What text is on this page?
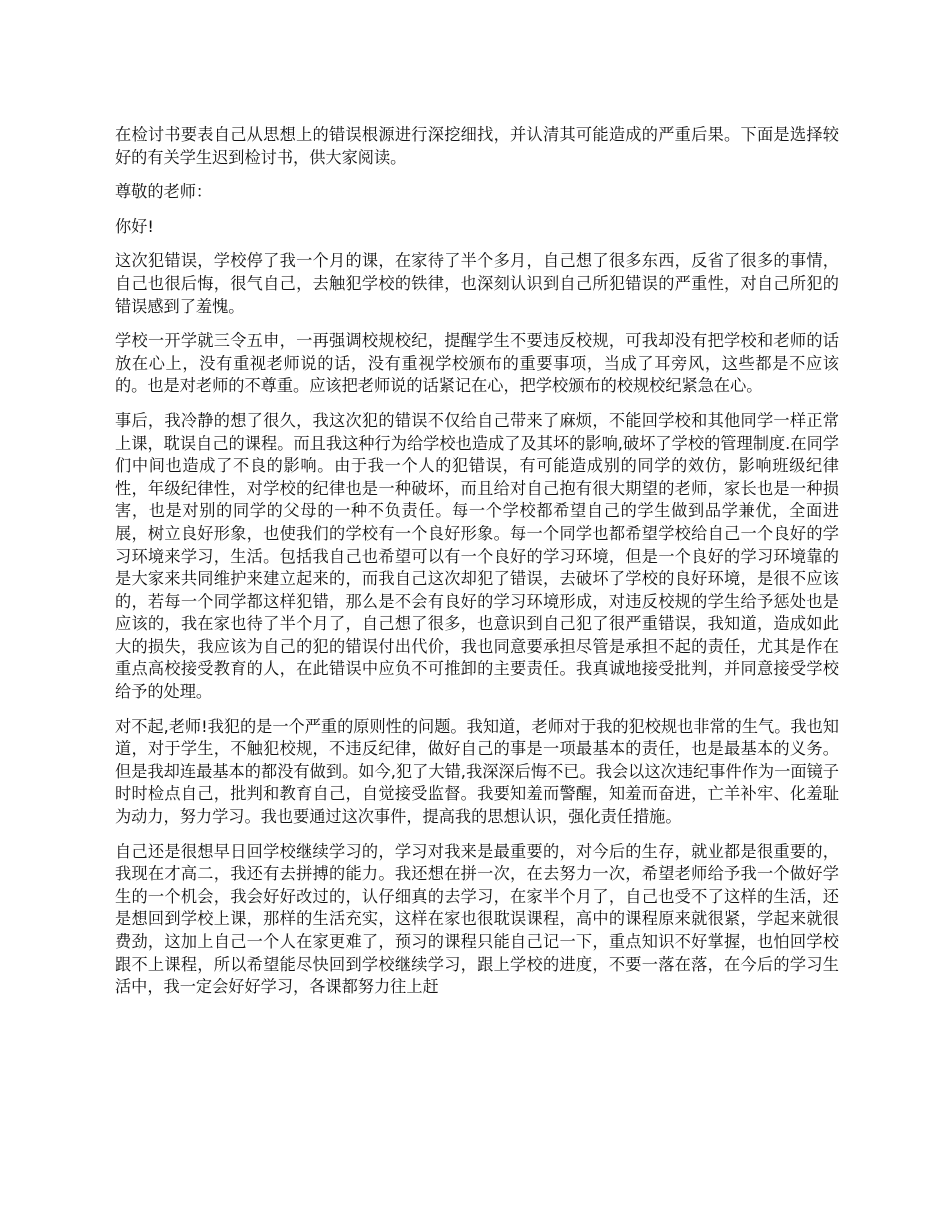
在检讨书要表自己从思想上的错误根源进行深挖细找，并认清其可能造成的严重后果。下面是选择较好的有关学生迟到检讨书，供大家阅读。

尊敬的老师：

你好!

这次犯错误，学校停了我一个月的课，在家待了半个多月，自己想了很多东西，反省了很多的事情，自己也很后悔，很气自己，去触犯学校的铁律，也深刻认识到自己所犯错误的严重性，对自己所犯的错误感到了羞愧。

学校一开学就三令五申，一再强调校规校纪，提醒学生不要违反校规，可我却没有把学校和老师的话放在心上，没有重视老师说的话，没有重视学校颁布的重要事项，当成了耳旁风，这些都是不应该的。也是对老师的不尊重。应该把老师说的话紧记在心，把学校颁布的校规校纪紧急在心。

事后，我冷静的想了很久，我这次犯的错误不仅给自己带来了麻烦，不能回学校和其他同学一样正常上课，耽误自己的课程。而且我这种行为给学校也造成了及其坏的影响,破坏了学校的管理制度.在同学们中间也造成了不良的影响。由于我一个人的犯错误，有可能造成别的同学的效仿，影响班级纪律性，年级纪律性，对学校的纪律也是一种破坏，而且给对自己抱有很大期望的老师，家长也是一种损害，也是对别的同学的父母的一种不负责任。每一个学校都希望自己的学生做到品学兼优，全面进展，树立良好形象，也使我们的学校有一个良好形象。每一个同学也都希望学校给自己一个良好的学习环境来学习，生活。包括我自己也希望可以有一个良好的学习环境，但是一个良好的学习环境靠的是大家来共同维护来建立起来的，而我自己这次却犯了错误，去破坏了学校的良好环境，是很不应该的，若每一个同学都这样犯错，那么是不会有良好的学习环境形成，对违反校规的学生给予惩处也是应该的，我在家也待了半个月了，自己想了很多，也意识到自己犯了很严重错误，我知道，造成如此大的损失，我应该为自己的犯的错误付出代价，我也同意要承担尽管是承担不起的责任，尤其是作在重点高校接受教育的人，在此错误中应负不可推卸的主要责任。我真诚地接受批判，并同意接受学校给予的处理。

对不起,老师!我犯的是一个严重的原则性的问题。我知道，老师对于我的犯校规也非常的生气。我也知道，对于学生，不触犯校规，不违反纪律，做好自己的事是一项最基本的责任，也是最基本的义务。但是我却连最基本的都没有做到。如今,犯了大错,我深深后悔不已。我会以这次违纪事件作为一面镜子时时检点自己，批判和教育自己，自觉接受监督。我要知羞而警醒，知羞而奋进，亡羊补牢、化羞耻为动力，努力学习。我也要通过这次事件，提高我的思想认识，强化责任措施。

自己还是很想早日回学校继续学习的，学习对我来是最重要的，对今后的生存，就业都是很重要的，我现在才高二，我还有去拼搏的能力。我还想在拼一次，在去努力一次，希望老师给予我一个做好学生的一个机会，我会好好改过的，认仔细真的去学习，在家半个月了，自己也受不了这样的生活，还是想回到学校上课，那样的生活充实，这样在家也很耽误课程，高中的课程原来就很紧，学起来就很费劲，这加上自己一个人在家更难了，预习的课程只能自己记一下，重点知识不好掌握，也怕回学校跟不上课程，所以希望能尽快回到学校继续学习，跟上学校的进度，不要一落在落，在今后的学习生活中，我一定会好好学习，各课都努力往上赶
